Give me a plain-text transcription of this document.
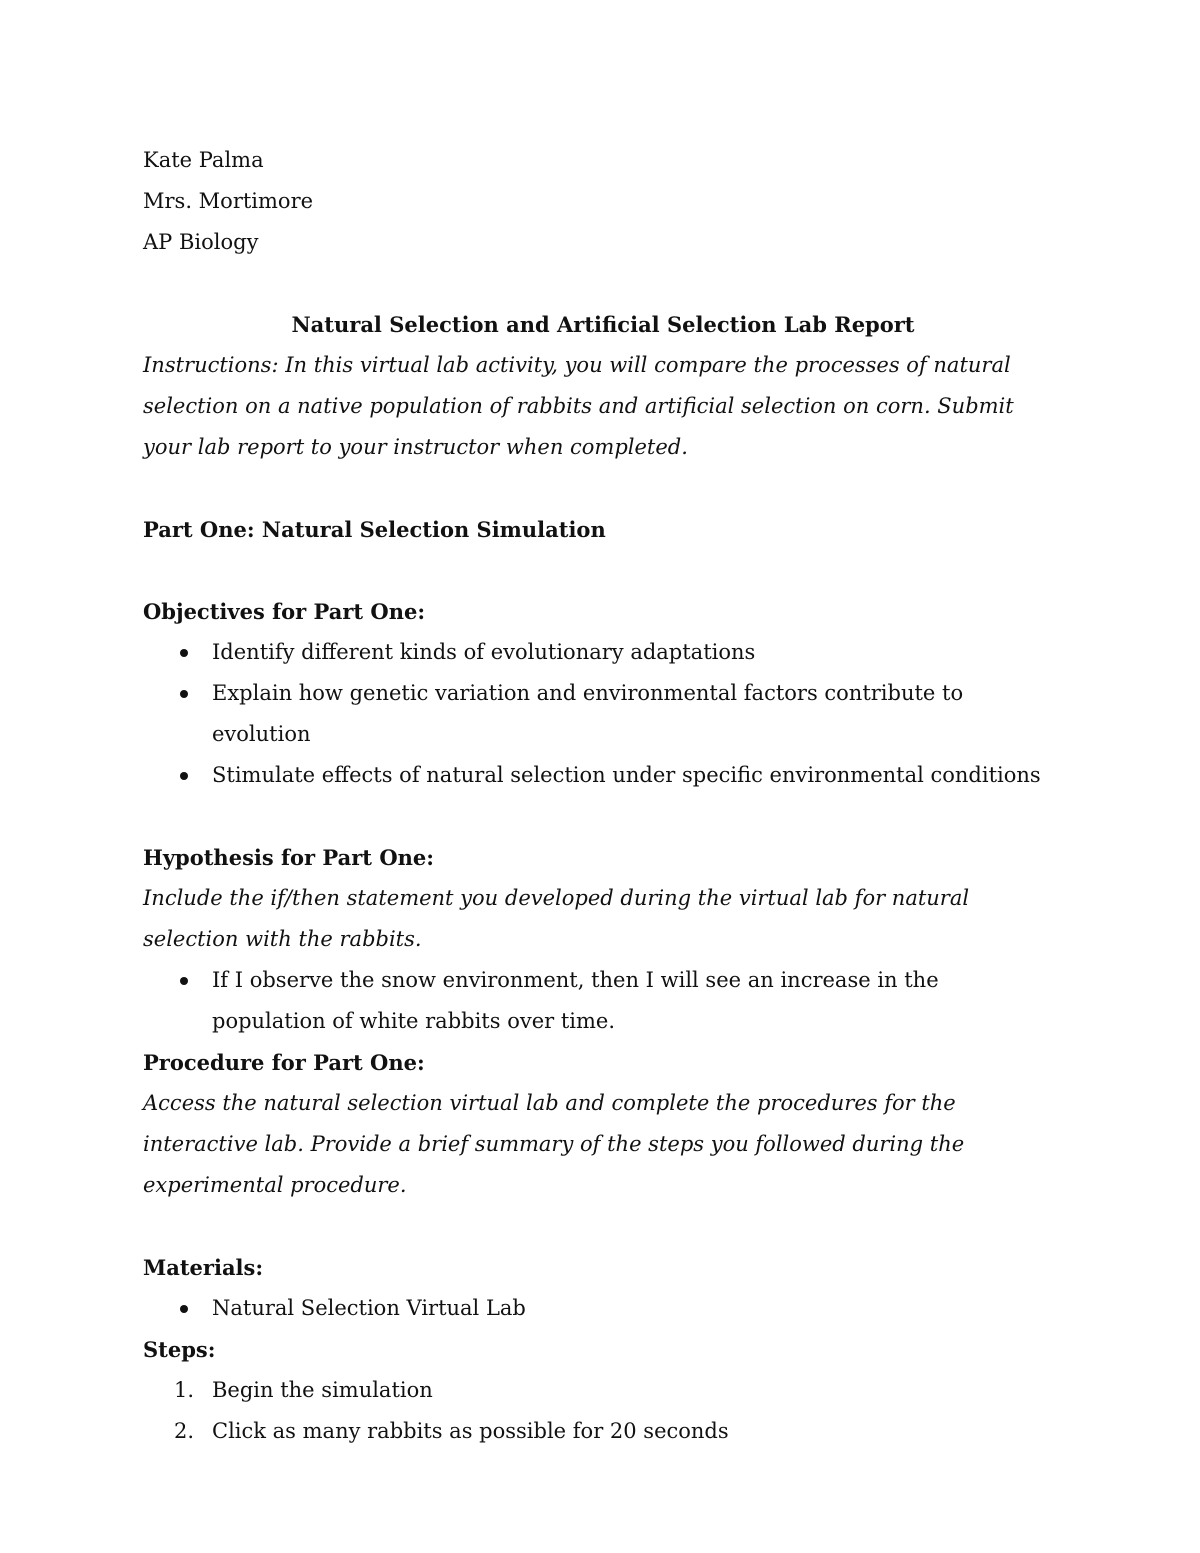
Kate Palma

Mrs. Mortimore

AP Biology

Natural Selection and Artificial Selection Lab Report

Instructions: In this virtual lab activity, you will compare the processes of natural selection on a native population of rabbits and artificial selection on corn. Submit your lab report to your instructor when completed.

Part One: Natural Selection Simulation

Objectives for Part One:

Identify different kinds of evolutionary adaptations
Explain how genetic variation and environmental factors contribute to evolution
Stimulate effects of natural selection under specific environmental conditions

Hypothesis for Part One:

Include the if/then statement you developed during the virtual lab for natural selection with the rabbits.

If I observe the snow environment, then I will see an increase in the population of white rabbits over time.

Procedure for Part One:

Access the natural selection virtual lab and complete the procedures for the interactive lab. Provide a brief summary of the steps you followed during the experimental procedure.

Materials:

Natural Selection Virtual Lab

Steps:

1. Begin the simulation
2. Click as many rabbits as possible for 20 seconds
